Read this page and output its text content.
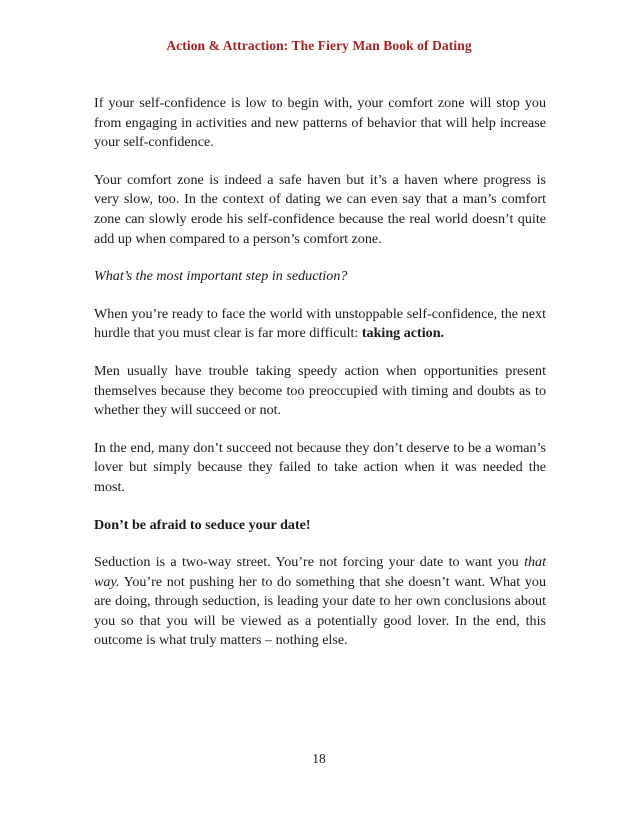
Action & Attraction: The Fiery Man Book of Dating

If your self-confidence is low to begin with, your comfort zone will stop you from engaging in activities and new patterns of behavior that will help increase your self-confidence.

Your comfort zone is indeed a safe haven but it’s a haven where progress is very slow, too. In the context of dating we can even say that a man’s comfort zone can slowly erode his self-confidence because the real world doesn’t quite add up when compared to a person’s comfort zone.

What’s the most important step in seduction?

When you’re ready to face the world with unstoppable self-confidence, the next hurdle that you must clear is far more difficult: taking action.

Men usually have trouble taking speedy action when opportunities present themselves because they become too preoccupied with timing and doubts as to whether they will succeed or not.

In the end, many don’t succeed not because they don’t deserve to be a woman’s lover but simply because they failed to take action when it was needed the most.

Don’t be afraid to seduce your date!

Seduction is a two-way street. You’re not forcing your date to want you that way. You’re not pushing her to do something that she doesn’t want. What you are doing, through seduction, is leading your date to her own conclusions about you so that you will be viewed as a potentially good lover. In the end, this outcome is what truly matters – nothing else.

18
